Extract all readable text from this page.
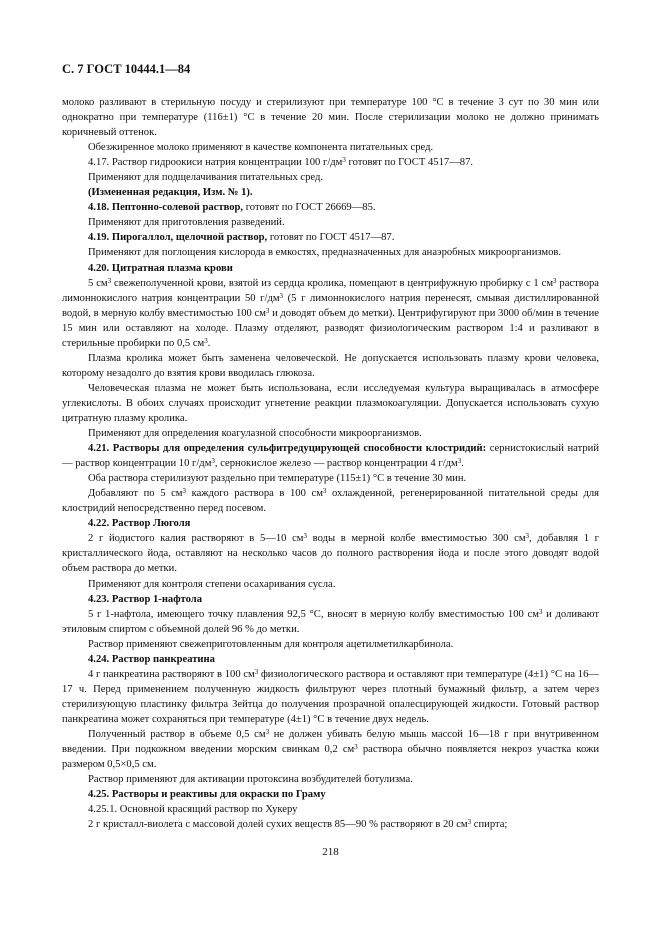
С. 7 ГОСТ 10444.1—84

молоко разливают в стерильную посуду и стерилизуют при температуре 100 °С в течение 3 сут по 30 мин или однократно при температуре (116±1) °С в течение 20 мин. После стерилизации молоко не должно принимать коричневый оттенок.

Обезжиренное молоко применяют в качестве компонента питательных сред.

4.17. Раствор гидроокиси натрия концентрации 100 $г/дм^3$ готовят по ГОСТ 4517—87.

Применяют для подщелачивания питательных сред.

(Измененная редакция, Изм. № 1).

4.18. Пептонно-солевой раствор, готовят по ГОСТ 26669—85.

Применяют для приготовления разведений.

4.19. Пирогаллол, щелочной раствор, готовят по ГОСТ 4517—87.

Применяют для поглощения кислорода в емкостях, предназначенных для анаэробных микроорганизмов.

4.20. Цитратная плазма крови

5 $см^3$ свежеполученной крови, взятой из сердца кролика, помещают в центрифужную пробирку с 1 $см^3$ раствора лимоннокислого натрия концентрации 50 $г/дм^3$ (5 г лимоннокислого натрия перенесят, смывая дистиллированной водой, в мерную колбу вместимостью 100 $см^3$ и доводят объем до метки). Центрифугируют при 3000 об/мин в течение 15 мин или оставляют на холоде. Плазму отделяют, разводят физиологическим раствором 1:4 и разливают в стерильные пробирки по 0,5 $см^3$.

Плазма кролика может быть заменена человеческой. Не допускается использовать плазму крови человека, которому незадолго до взятия крови вводилась глюкоза.

Человеческая плазма не может быть использована, если исследуемая культура выращивалась в атмосфере углекислоты. В обоих случаях происходит угнетение реакции плазмокоагуляции. Допускается использовать сухую цитратную плазму кролика.

Применяют для определения коагулазной способности микроорганизмов.

4.21. Растворы для определения сульфитредуцирующей способности клостридий: сернистокислый натрий — раствор концентрации 10 $г/дм^3$, сернокислое железо — раствор концентрации 4 $г/дм^3$.

Оба раствора стерилизуют раздельно при температуре (115±1) °С в течение 30 мин.

Добавляют по 5 $см^3$ каждого раствора в 100 $см^3$ охлажденной, регенерированной питательной среды для клостридий непосредственно перед посевом.

4.22. Раствор Люголя

2 г йодистого калия растворяют в 5—10 $см^3$ воды в мерной колбе вместимостью 300 $см^3$, добавляя 1 г кристаллического йода, оставляют на несколько часов до полного растворения йода и после этого доводят водой объем раствора до метки.

Применяют для контроля степени осахаривания сусла.

4.23. Раствор 1-нафтола

5 г 1-нафтола, имеющего точку плавления 92,5 °С, вносят в мерную колбу вместимостью 100 $см^3$ и доливают этиловым спиртом с объемной долей 96 % до метки.

Раствор применяют свежеприготовленным для контроля ацетилметилкарбинола.

4.24. Раствор панкреатина

4 г панкреатина растворяют в 100 $см^3$ физиологического раствора и оставляют при температуре (4±1) °С на 16—17 ч. Перед применением полученную жидкость фильтруют через плотный бумажный фильтр, а затем через стерилизующую пластинку фильтра Зейтца до получения прозрачной опалесцирующей жидкости. Готовый раствор панкреатина может сохраняться при температуре (4±1) °С в течение двух недель.

Полученный раствор в объеме 0,5 $см^3$ не должен убивать белую мышь массой 16—18 г при внутривенном введении. При подкожном введении морским свинкам 0,2 $см^3$ раствора обычно появляется некроз участка кожи размером 0,5×0,5 см.

Раствор применяют для активации протоксина возбудителей ботулизма.

4.25. Растворы и реактивы для окраски по Граму

4.25.1. Основной красящий раствор по Хукеру

2 г кристалл-виолета с массовой долей сухих веществ 85—90 % растворяют в 20 $см^3$ спирта;

218
